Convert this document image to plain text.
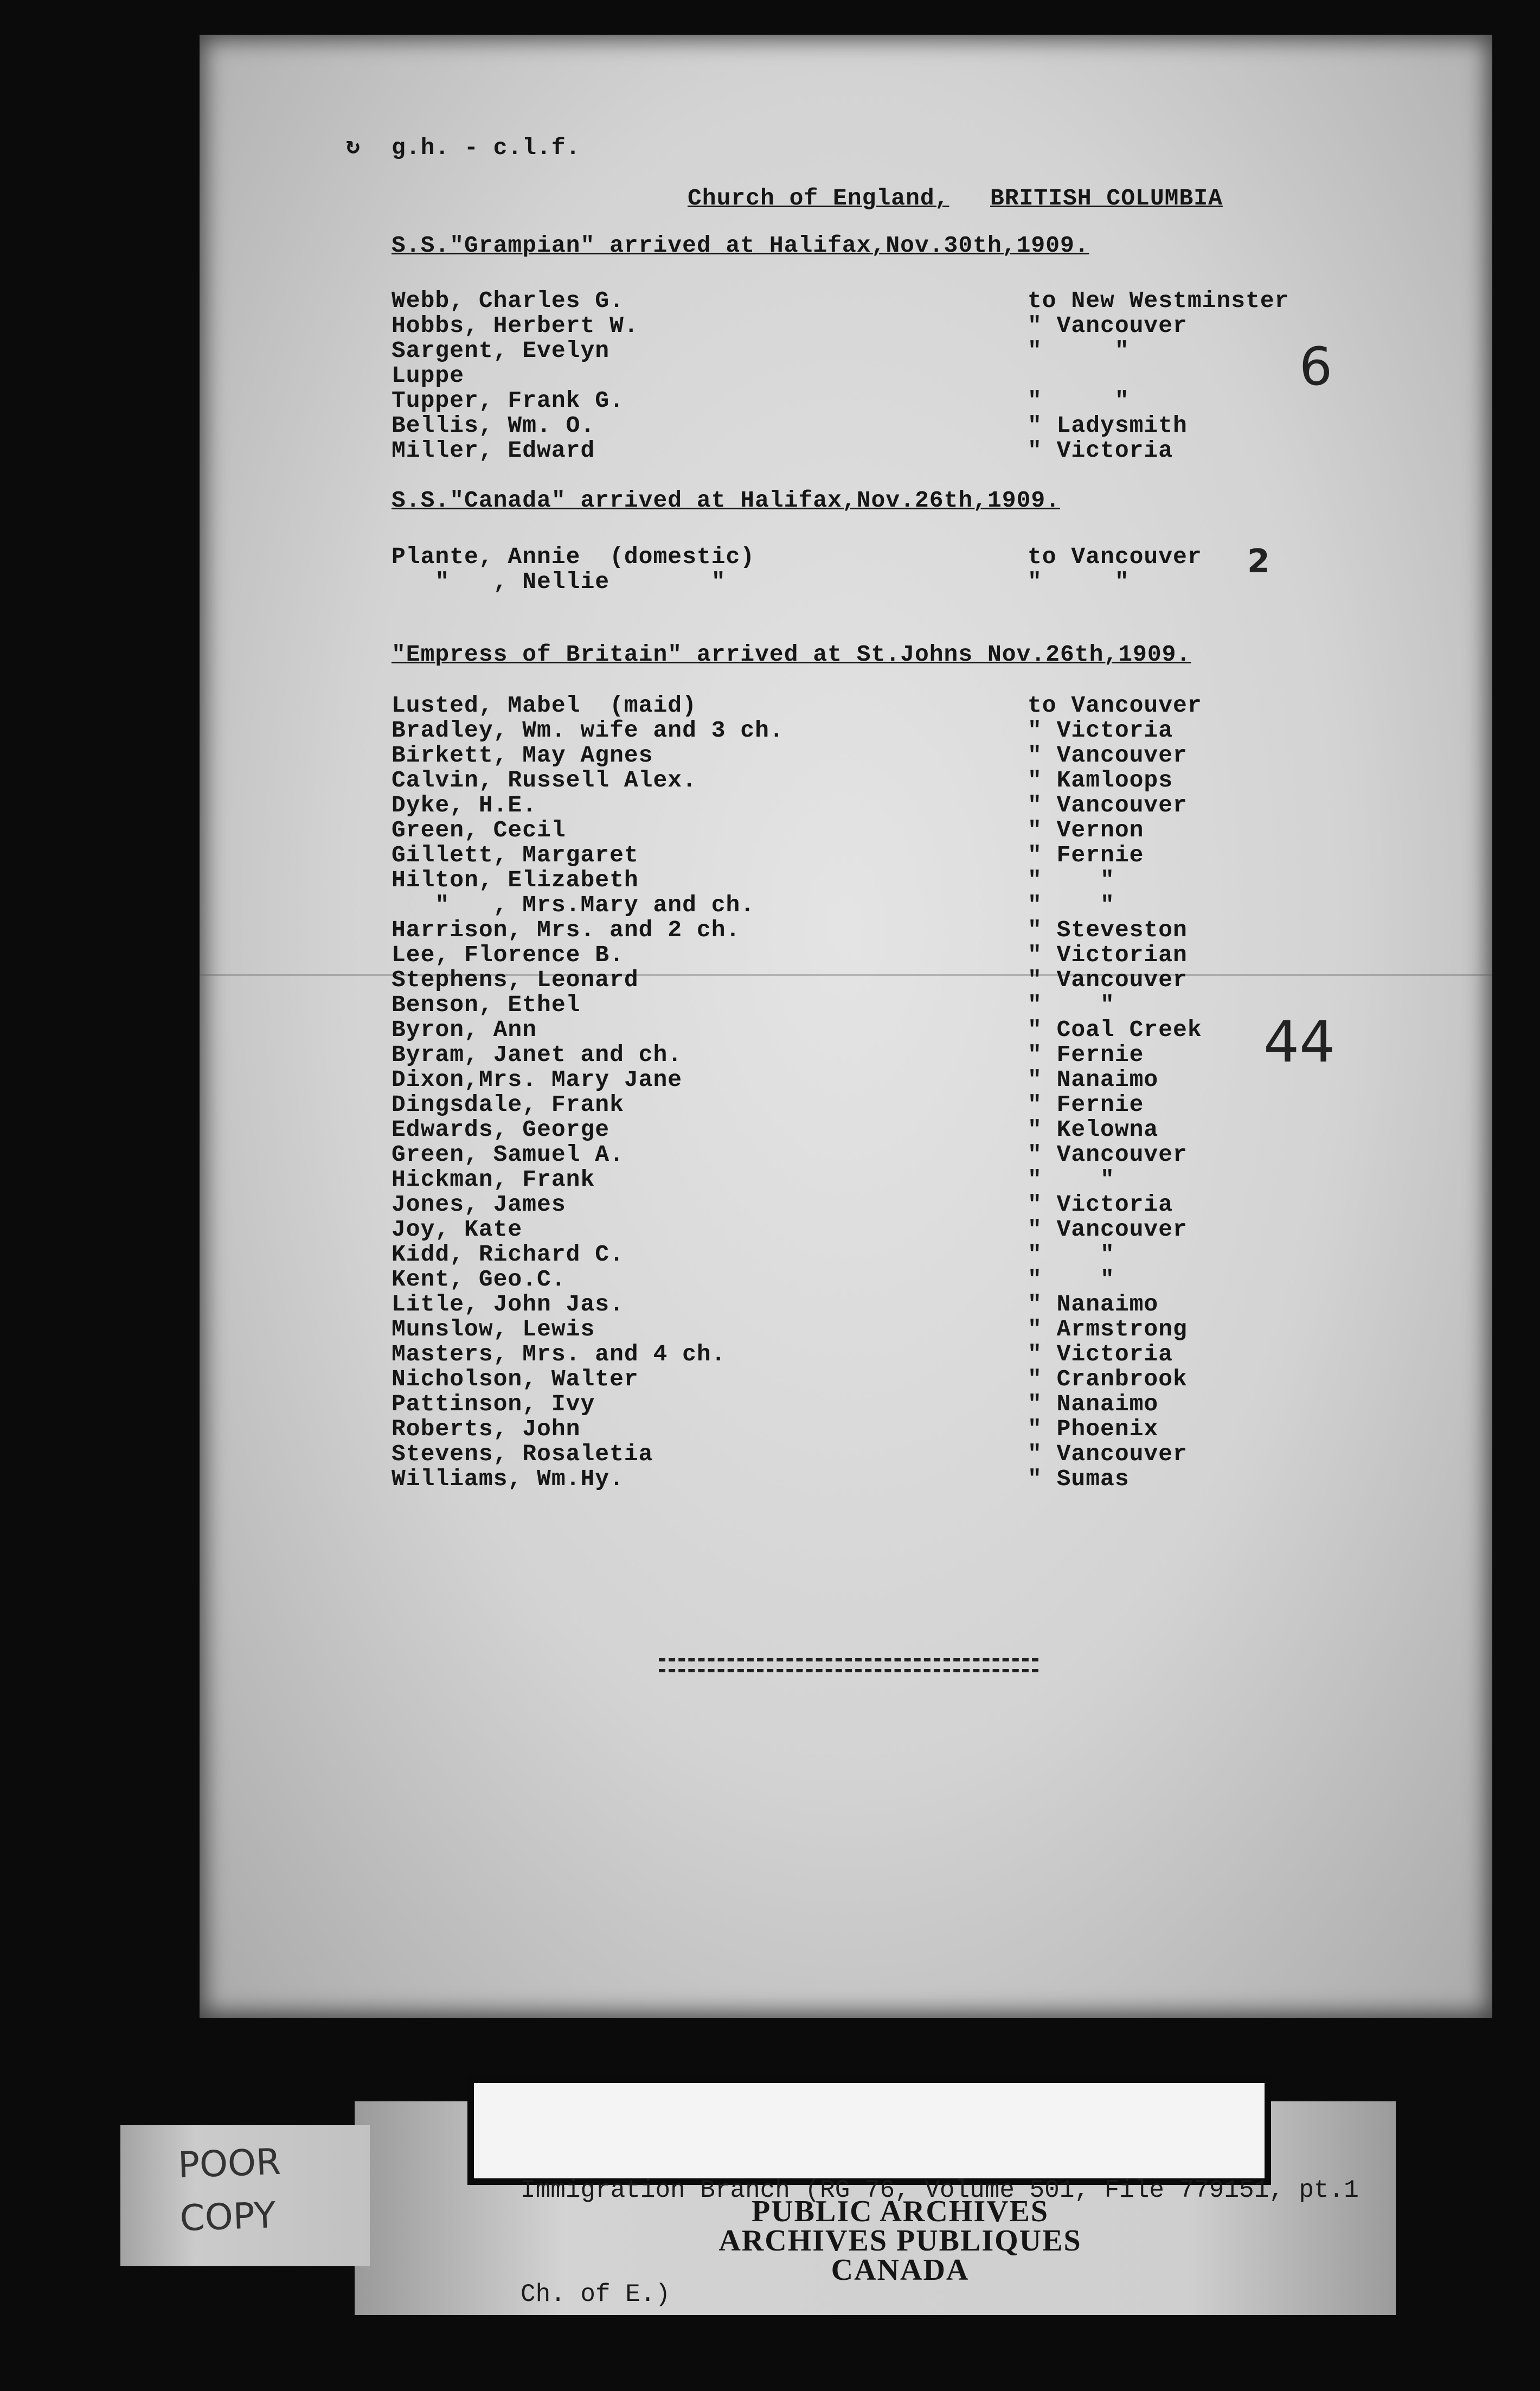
↻ g.h. - c.l.f.
Church of England, BRITISH COLUMBIA
S.S."Grampian" arrived at Halifax,Nov.30th,1909.
Webb, Charles G.	to New Westminster
Hobbs, Herbert W.	" Vancouver
Sargent, Evelyn	"     "
Luppe
Tupper, Frank G.	"     "
Bellis, Wm. O.	" Ladysmith
Miller, Edward	" Victoria
S.S."Canada" arrived at Halifax,Nov.26th,1909.
Plante, Annie  (domestic)	to Vancouver
"   , Nellie       "	"     "
"Empress of Britain" arrived at St.Johns Nov.26th,1909.
Lusted, Mabel  (maid)	to Vancouver
Bradley, Wm. wife and 3 ch.	" Victoria
Birkett, May Agnes	" Vancouver
Calvin, Russell Alex.	" Kamloops
Dyke, H.E.	" Vancouver
Green, Cecil	" Vernon
Gillett, Margaret	" Fernie
Hilton, Elizabeth	"    "
"   , Mrs.Mary and ch.	"    "
Harrison, Mrs. and 2 ch.	" Steveston
Lee, Florence B.	" Victorian
Stephens, Leonard	" Vancouver
Benson, Ethel	"    "
Byron, Ann	" Coal Creek
Byram, Janet and ch.	" Fernie
Dixon,Mrs. Mary Jane	" Nanaimo
Dingsdale, Frank	" Fernie
Edwards, George	" Kelowna
Green, Samuel A.	" Vancouver
Hickman, Frank	"    "
Jones, James	" Victoria
Joy, Kate	" Vancouver
Kidd, Richard C.	"    "
Kent, Geo.C.	"    "
Litle, John Jas.	" Nanaimo
Munslow, Lewis	" Armstrong
Masters, Mrs. and 4 ch.	" Victoria
Nicholson, Walter	" Cranbrook
Pattinson, Ivy	" Nanaimo
Roberts, John	" Phoenix
Stevens, Rosaletia	" Vancouver
Williams, Wm.Hy.	" Sumas
6
2
44
POOR
COPY

Immigration Branch (RG 76, Volume 501, File 779151, pt.1

Ch. of E.)

PUBLIC ARCHIVES
ARCHIVES PUBLIQUES
CANADA
